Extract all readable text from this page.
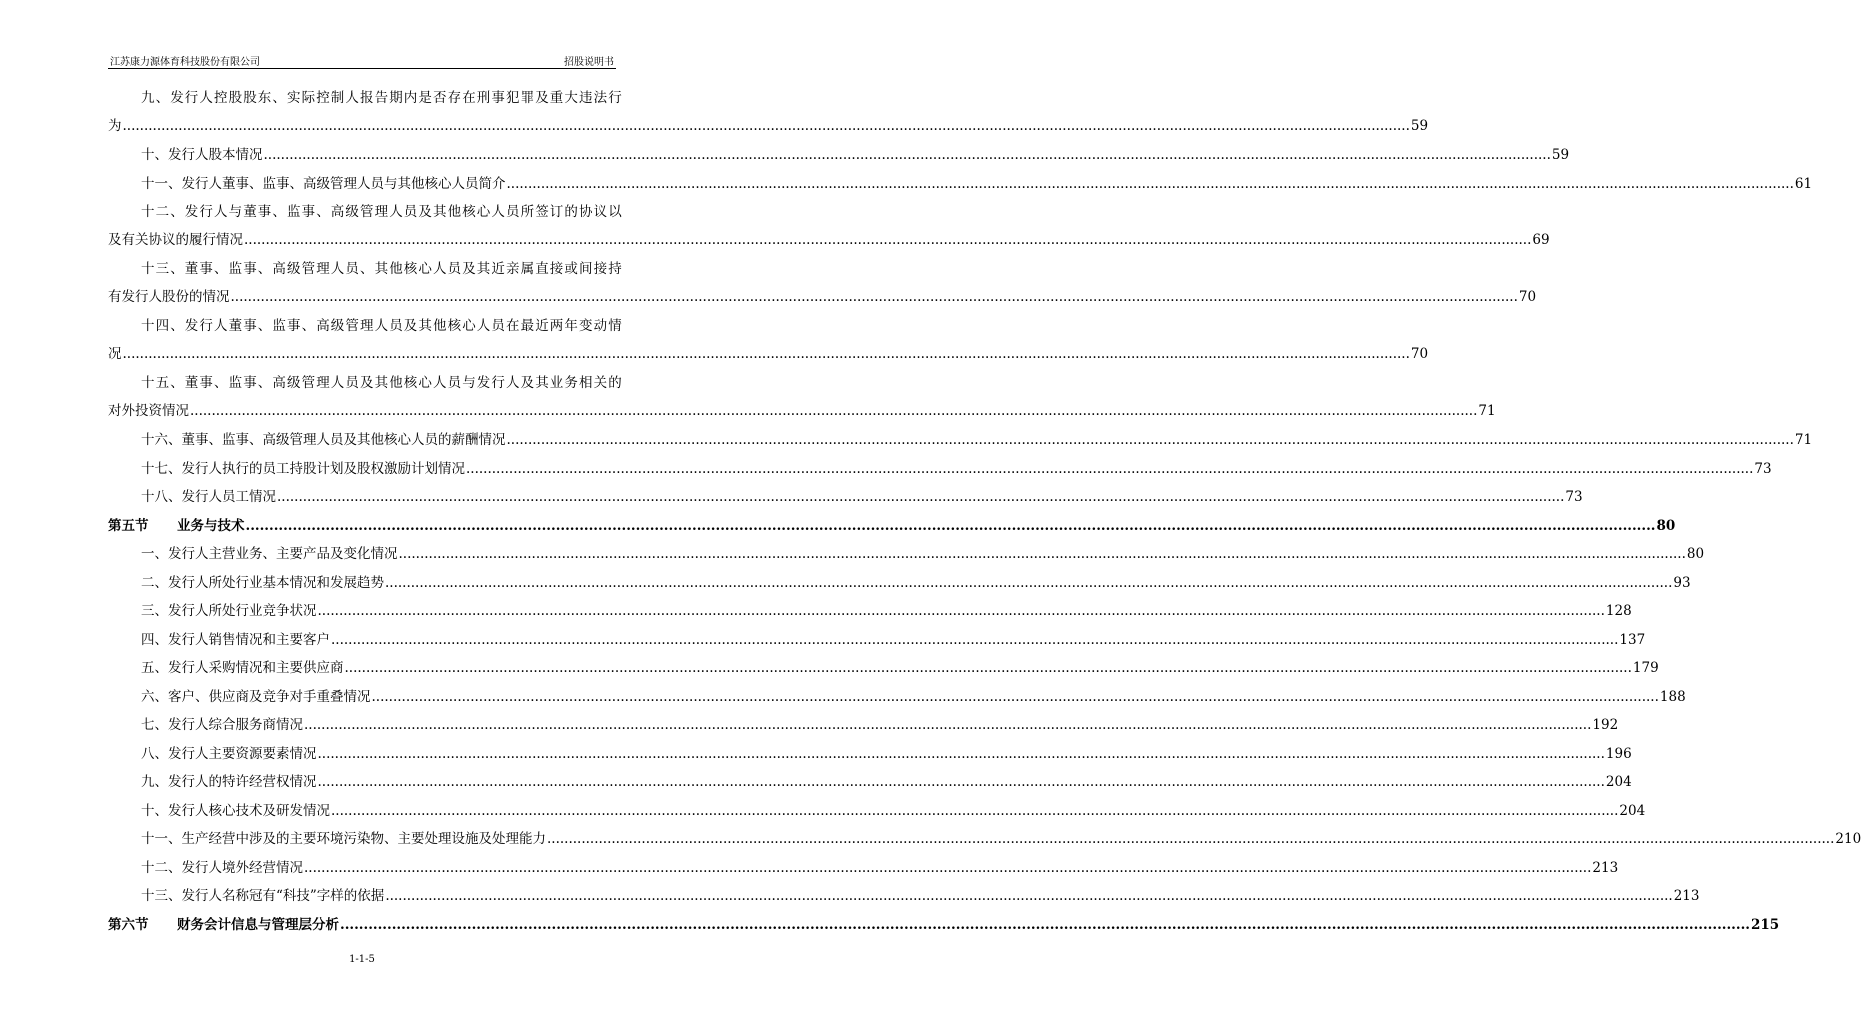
江苏康力源体育科技股份有限公司	招股说明书
九、发行人控股股东、实际控制人报告期内是否存在刑事犯罪及重大违法行
为 ............................................................................................................................................................................................................................................................................................................ 59
十、发行人股本情况 ............................................................................................................................................................................................................................................................................................................ 59
十一、发行人董事、监事、高级管理人员与其他核心人员简介 ............................................................................................................................................................................................................................................................................................................ 61
十二、发行人与董事、监事、高级管理人员及其他核心人员所签订的协议以
及有关协议的履行情况 ............................................................................................................................................................................................................................................................................................................ 69
十三、董事、监事、高级管理人员、其他核心人员及其近亲属直接或间接持
有发行人股份的情况 ............................................................................................................................................................................................................................................................................................................ 70
十四、发行人董事、监事、高级管理人员及其他核心人员在最近两年变动情
况 ............................................................................................................................................................................................................................................................................................................ 70
十五、董事、监事、高级管理人员及其他核心人员与发行人及其业务相关的
对外投资情况 ............................................................................................................................................................................................................................................................................................................ 71
十六、董事、监事、高级管理人员及其他核心人员的薪酬情况 ............................................................................................................................................................................................................................................................................................................ 71
十七、发行人执行的员工持股计划及股权激励计划情况 ............................................................................................................................................................................................................................................................................................................ 73
十八、发行人员工情况 ............................................................................................................................................................................................................................................................................................................ 73
第五节 业务与技术 ............................................................................................................................................................................................................................................................................................................ 80
一、发行人主营业务、主要产品及变化情况 ............................................................................................................................................................................................................................................................................................................ 80
二、发行人所处行业基本情况和发展趋势 ............................................................................................................................................................................................................................................................................................................ 93
三、发行人所处行业竞争状况 ............................................................................................................................................................................................................................................................................................................ 128
四、发行人销售情况和主要客户 ............................................................................................................................................................................................................................................................................................................ 137
五、发行人采购情况和主要供应商 ............................................................................................................................................................................................................................................................................................................ 179
六、客户、供应商及竞争对手重叠情况 ............................................................................................................................................................................................................................................................................................................ 188
七、发行人综合服务商情况 ............................................................................................................................................................................................................................................................................................................ 192
八、发行人主要资源要素情况 ............................................................................................................................................................................................................................................................................................................ 196
九、发行人的特许经营权情况 ............................................................................................................................................................................................................................................................................................................ 204
十、发行人核心技术及研发情况 ............................................................................................................................................................................................................................................................................................................ 204
十一、生产经营中涉及的主要环境污染物、主要处理设施及处理能力 ............................................................................................................................................................................................................................................................................................................ 210
十二、发行人境外经营情况 ............................................................................................................................................................................................................................................................................................................ 213
十三、发行人名称冠有“科技”字样的依据 ............................................................................................................................................................................................................................................................................................................ 213
第六节 财务会计信息与管理层分析 ............................................................................................................................................................................................................................................................................................................ 215
1-1-5
